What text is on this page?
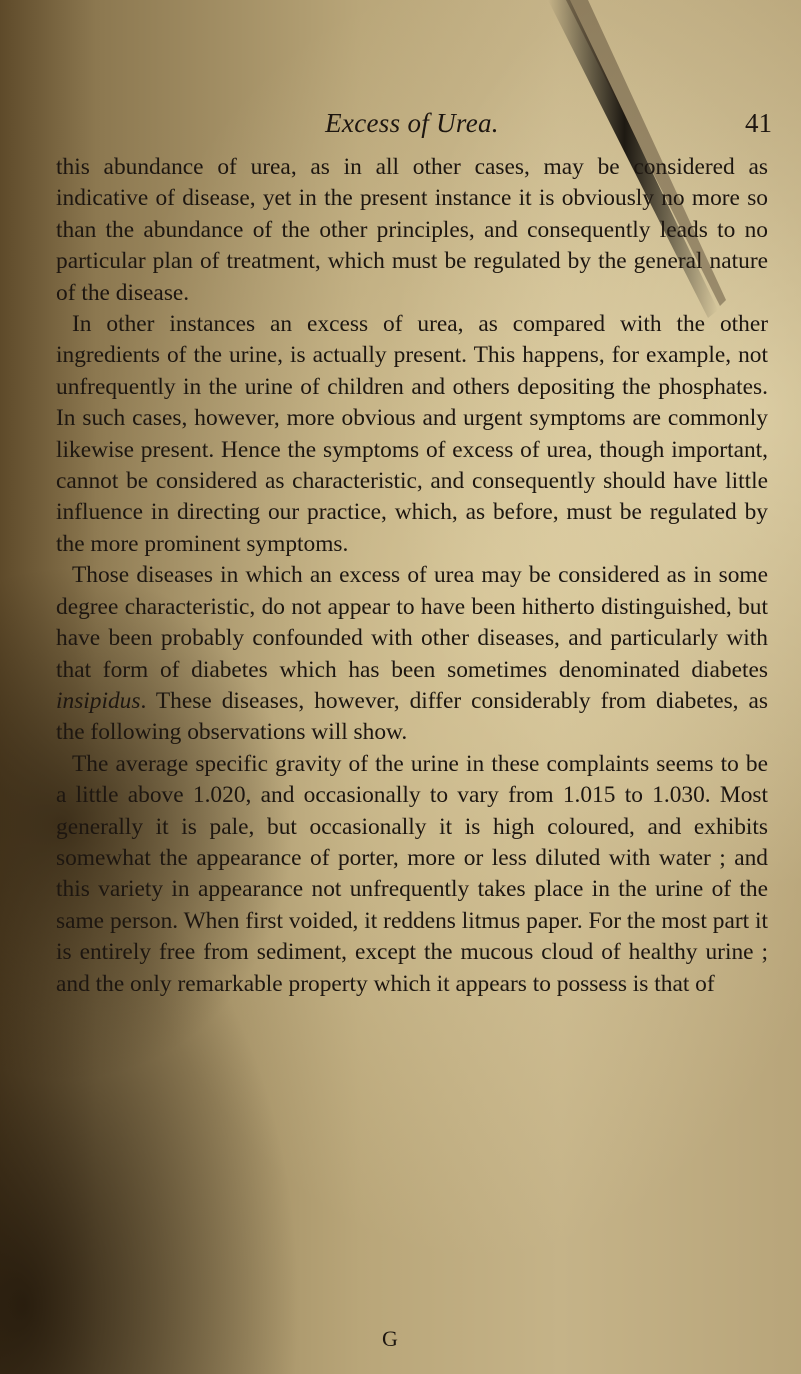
Excess of Urea.	41

this abundance of urea, as in all other cases, may be considered as indicative of disease, yet in the present instance it is obviously no more so than the abundance of the other principles, and consequently leads to no particular plan of treatment, which must be regulated by the general nature of the disease.

In other instances an excess of urea, as compared with the other ingredients of the urine, is actually present. This happens, for example, not unfrequently in the urine of children and others depositing the phosphates. In such cases, however, more obvious and urgent symptoms are commonly likewise present. Hence the symptoms of excess of urea, though important, cannot be considered as characteristic, and consequently should have little influence in directing our practice, which, as before, must be regulated by the more prominent symptoms.

Those diseases in which an excess of urea may be considered as in some degree characteristic, do not appear to have been hitherto distinguished, but have been probably confounded with other diseases, and particularly with that form of diabetes which has been sometimes denominated diabetes insipidus. These diseases, however, differ considerably from diabetes, as the following observations will show.

The average specific gravity of the urine in these complaints seems to be a little above 1.020, and occasionally to vary from 1.015 to 1.030. Most generally it is pale, but occasionally it is high coloured, and exhibits somewhat the appearance of porter, more or less diluted with water ; and this variety in appearance not unfrequently takes place in the urine of the same person. When first voided, it reddens litmus paper. For the most part it is entirely free from sediment, except the mucous cloud of healthy urine ; and the only remarkable property which it appears to possess is that of

G
